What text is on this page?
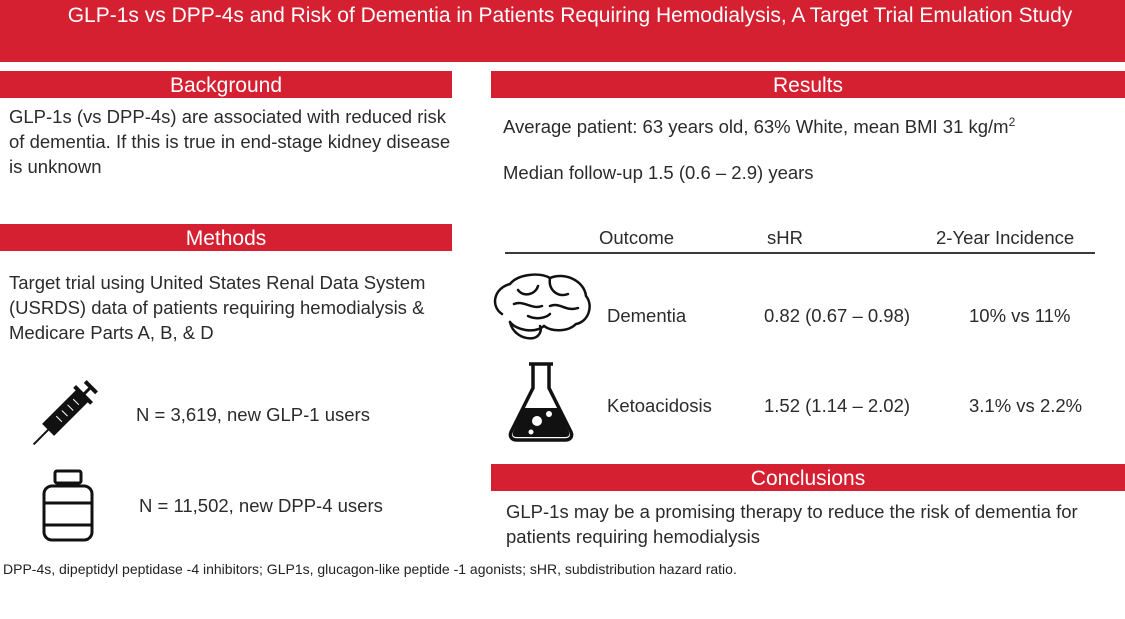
GLP-1s vs DPP-4s and Risk of Dementia in Patients Requiring Hemodialysis, A Target Trial Emulation Study
Background
GLP-1s (vs DPP-4s) are associated with reduced risk of dementia. If this is true in end-stage kidney disease is unknown
Methods
Target trial using United States Renal Data System (USRDS) data of patients requiring hemodialysis & Medicare Parts A, B, & D
N = 3,619, new GLP-1 users
N = 11,502, new DPP-4 users
Results
Average patient: 63 years old, 63% White, mean BMI 31 $kg/m^2$
Median follow-up 1.5 (0.6 – 2.9) years
Outcome	sHR	2-Year Incidence
Dementia	0.82 (0.67 – 0.98)	10% vs 11%
Ketoacidosis	1.52 (1.14 – 2.02)	3.1% vs 2.2%
Conclusions
GLP-1s may be a promising therapy to reduce the risk of dementia for patients requiring hemodialysis
DPP-4s, dipeptidyl peptidase -4 inhibitors; GLP1s, glucagon-like peptide -1 agonists; sHR, subdistribution hazard ratio.
